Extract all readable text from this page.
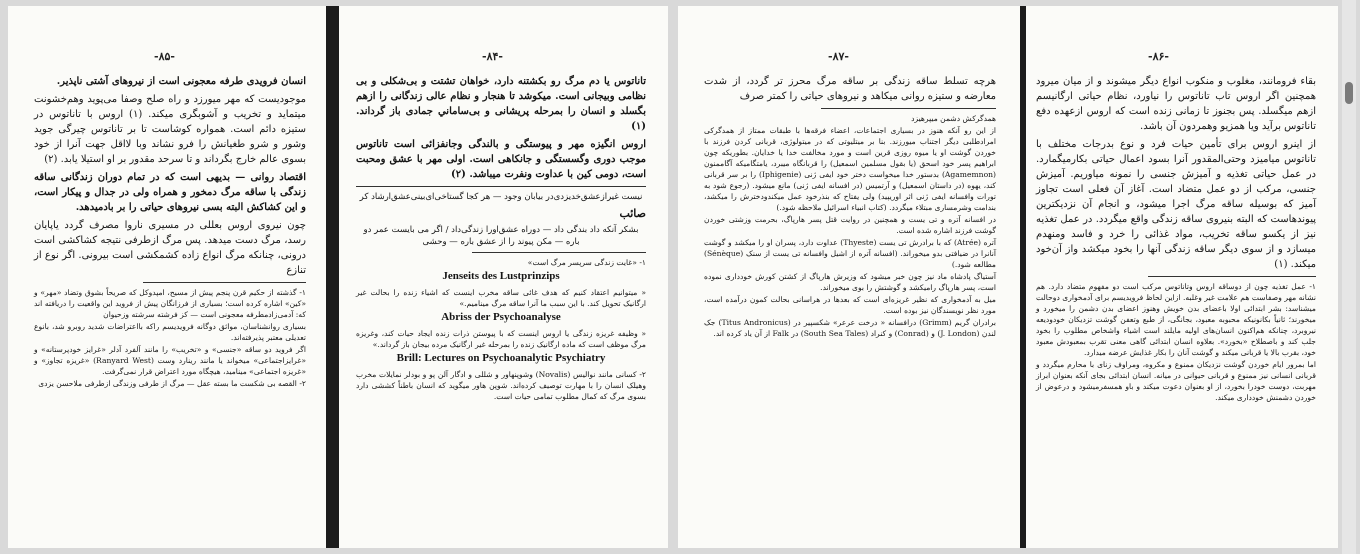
-۸۵-

انسان فرویدی طرفه معجونی است از نیروهای آشتی ناپذیر.

موجودیست که مهر میورزد و راه صلح وصفا می‌پوید وهم‌خشونت میتماید و تخریب و آشوبگری میکند. (۱) اروس با تاناتوس در ستیزه دائم است. همواره کوشاست تا بر تاناتوس چیرگی جوید وشور و شرو طغیانش را فرو نشاند وبا لااقل جهت آنرا از خود بسوی عالم خارج بگرداند و تا سرحد مقدور بر او استیلا یابد. (۲)

اقتصاد روانی — بدیهی است که در تمام دوران زندگانی ساقه زندگی با ساقه مرگ دمخور و همراه ولی در جدال و پیکار است، و این کشاکش البته بسی نیروهای حیاتی را بر بادمیدهد.

چون نیروی اروس بعللی در مسیری ناروا مصرف گردد یاپایان رسد، مرگ دست میدهد. پس مرگ ازطرفی نتیجه کشاکشی است درونی، چنانکه مرگ انواع زاده کشمکشی است بیرونی. اگر نوع از تنازع

۱- گذشته از حکیم قرن پنجم پیش از مسیح، امپدوکل که صریحاً بشوق وتضاد «مهر» و «کین» اشاره کرده است؛ بسیاری از فرزانگان پیش از فروید این واقعیت را دریافته اند که: آدمی‌زادمطرفه معجونی است — کز فرشته سرشته وزحیوان

بسیاری روانشناسان، مواثق دوگانه فرویدیسم راکه بااعتراضات شدید روبرو شد، بانوع تعدیلی معتبر پذیرفته‌اند.

اگر فروید دو ساقه «جنسی» و «تخریب» را مانند آلفرد آدلر «غرایز خودپرستانه» و «غرایزاجتماعی» میخواند یا مانند رینارد وست (Ranyard West) «غریزه تجاوز» و «غریزه اجتماعی» مینامید، هیچگاه مورد اعتراض قرار نمی‌گرفت.

۲- القصه بی شکست ما بسته عقل — مرگ از طرفی وزندگی ازطرفی ملاحسن یزدی

-۸۴-

تاناتوس یا دم مرگ رو بکشتنه دارد، خواهان تشتت و بی‌شکلی و بی نظامی وبیجانی است. میکوشد تا هنجار و نظام عالی زندگانی را ازهم بگسلد و انسان را بمرحله پریشانی و بی‌ساماني جمادی باز گرداند. (۱)

اروس انگیزه مهر و پیوستگی و بالندگی وجانفزائی است تاناتوس موجب دوری وگسستگی و جانکاهی است. اولی مهر با عشق ومحبت است، دومی کین با عداوت ونفرت میباشد. (۲)

نیست غیرازعشق‌خدیزدی‌در بیابان وجود — هر کجا گستاخی‌ای‌بینی‌عشق‌ارشاد کر

صائب

بشکر آنکه داد بندگی داد — دوراه عشق‌اورا زندگی‌داد / اگر می بایست عمر دو باره — مکن پیوند را از عشق باره — وحشی

۱- «غایت زندگی سرپسر مرگ است»

Jenseits des Lustprinzips

« میتوانیم اعتقاد کنیم که هدف غائی ساقه مخرب اینست که اشیاء زنده را بحالت غیر ارگانیک تحویل کند. با این سبب ما آنرا ساقه مرگ مینامیم.»

Abriss der Psychoanalyse

« وظیفه غریزه زندگی یا اروس اینست که با پیوستن ذرات زنده ایجاد حیات کند، وغریزه مرگ موظف است که ماده ارگانیک زنده را بمرحله غیر ارگانیک مرده بیجان باز گرداند.»

Brill: Lectures on Psychoanalytic Psychiatry

۲- کسانی مانند نوالیس (Novalis) وشوپنهاور و شللی و ادگار آلن پو و بودلر نمایلات مخرب وهیلک انسان را با مهارت توصیف کرده‌اند. شوپن هاور میگوید که انسان باطناً کششی دارد بسوی مرگ که کمال مطلوب تمامی حیات است.

-۸۷-

هرچه تسلط ساقه زندگی بر ساقه مرگ محرز تر گردد، از شدت معارضه و ستیزه روانی میکاهد و نیروهای حیاتی را کمتر صرف

همدگرکش دشمن میپرهیزد

از این رو آنکه هنوز در بسیاری اجتماعات، اعضاء فرقه‌ها با طبقات ممتاز از همدگرکی امرادطلبی دیگر اجتناب میورزند. بنا بر میتلیوتی که در میتولوژی، قربانی کردن فرزند با خوردن گوشت او یا میوه روزی قرین است و مورد مخالفت خدا یا خدایان. بطوریکه چون ابراهیم پسر خود اسحق (یا بقول مسلمین اسمعیل) را قربانگاه میبرد، یامتگامیکه آگاممنون (Agamemnon) بدستور خدا میخواست دختر خود ایفی ژنی (Iphigenie) را بر سر قربانی کند، یهوه (در داستان اسمعیل) و آرتمیس (در افسانه ایفی ژنی) مانع میشود. (رجوع شود به تورات وافسانه ایفی ژنی اثر اوریپید) ولی یفتاح که بنذرخود عمل میکندودخترش را میکشد، بندامت وشرمساری مبتلاء میگردد. (کتاب انبیاء اسرائیل ملاحظه شود.)

در افسانه آتره و تی یست و همچنین در روایت قتل پسر هارپاگ، بحرمت وزشتی خوردن گوشت فرزند اشاره شده است.

آتره (Atrée) که با برادرش تی یست (Thyeste) عداوت دارد، پسران او را میکشد و گوشت آنانرا در ضیافتی بدو میخوراند. (افسانه آتره از اشیل وافسانه تی یست از سنک (Sénèque) مطالعه شود.)

آستیاگ پادشاه ماد نیز چون خبر میشود که وزیرش هارپاگ از کشتن کورش خودداری نموده است، پسر هارپاگ رامیکشد و گوشتش را بوی میخوراند.

میل به آدمخواری که نظیر غریزه‌ای است که بعدها در هراسانی بحالت کمون درآمده است، مورد نظر نویسندگان نیز بوده است.

برادران گریم (Grimm) درافسانه « درخت عرعر» شکسپیر در (Titus Andronicus) جک لندن (J. London) و (Conrad) و کنراد (South Sea Tales) در Falk از آن یاد کرده اند.

-۸۶-

بقاء فرومانند، مغلوب و منکوب انواع دیگر میشوند و از میان میرود همچنین اگر اروس تاب تاناتوس را نیاورد، نظام حیاتی ارگانیسم ازهم میگسلد. پس بجنوز تا زمانی زنده است که اروس ازعهده دفع تاناتوس برآید ویا همزیو وهمردون آن باشد.

از اینرو اروس برای تأمین حیات فرد و نوع بدرجات مختلف با تاناتوس میامیزد وحتی‌المقدور آنرا بسود اعمال حیاتی بکارمیگمارد. در عمل حیاتی تغذیه و آمیزش جنسی را نمونه میاوریم. آمیزش جنسی، مرکب از دو عمل متضاد است. آغاز آن فعلی است تجاوز آمیز که بوسیله ساقه مرگ اجرا میشود، و انجام آن نزدیکترین پیوندهاست که البته بنیروی ساقه زندگی واقع میگردد. در عمل تغذیه نیز از یکسو ساقه تخریب، مواد غذائی را خرد و فاسد ومنهدم میسازد و از سوی دیگر ساقه زندگی آنها را بخود میکشد واز آن‌خود میکند. (۱)

۱- عمل تغذیه چون از دوساقه اروس وتاناتوس مرکب است دو مفهوم متضاد دارد. هم نشانه مهر وصفاست هم علامت غیر وغلبه. ازاین لحاظ فرویدیسم برای آدمخواری دوحالت میشناسد: بشر ابتدائی اولا باعضای بدن خویش وهنوز اعضای بدن دشمن را میخورد و میخورند؛ ثانیاً بکانونیکه محبوبه معبود، بجانگی، از طبع وتعفن گوشت تزدیکان خودودیعه نیروبرد، چنانکه هم‌اکنون انسان‌های اولیه مایلند است اشیاء واشخاص مطلوب را بخود جلب کند و باصطلاح «بخورد». بعلاوه انسان ابتدائی گاهی معنی تقرب بمعبودش معبود خود، بقرب بالا یا قربانی میکند و گوشت آنان را بکار غذایش عرضه میدارد.

اما بمرور ایام خوردن گوشت نزدیکان ممنوع و مکروه، ومراوف زنای با محارم میگردد و قربانی انسانی نیز ممنوع و قربانی حیوانی در میانه. انسان ابتدائی بجای آنکه بعنوان ابراز مهربت، دوست خودرا بخورد، از او بعنوان دعوت میکند و باو همسفرمیشود و درعوض از خوردن دشمنش خودداری میکند.
